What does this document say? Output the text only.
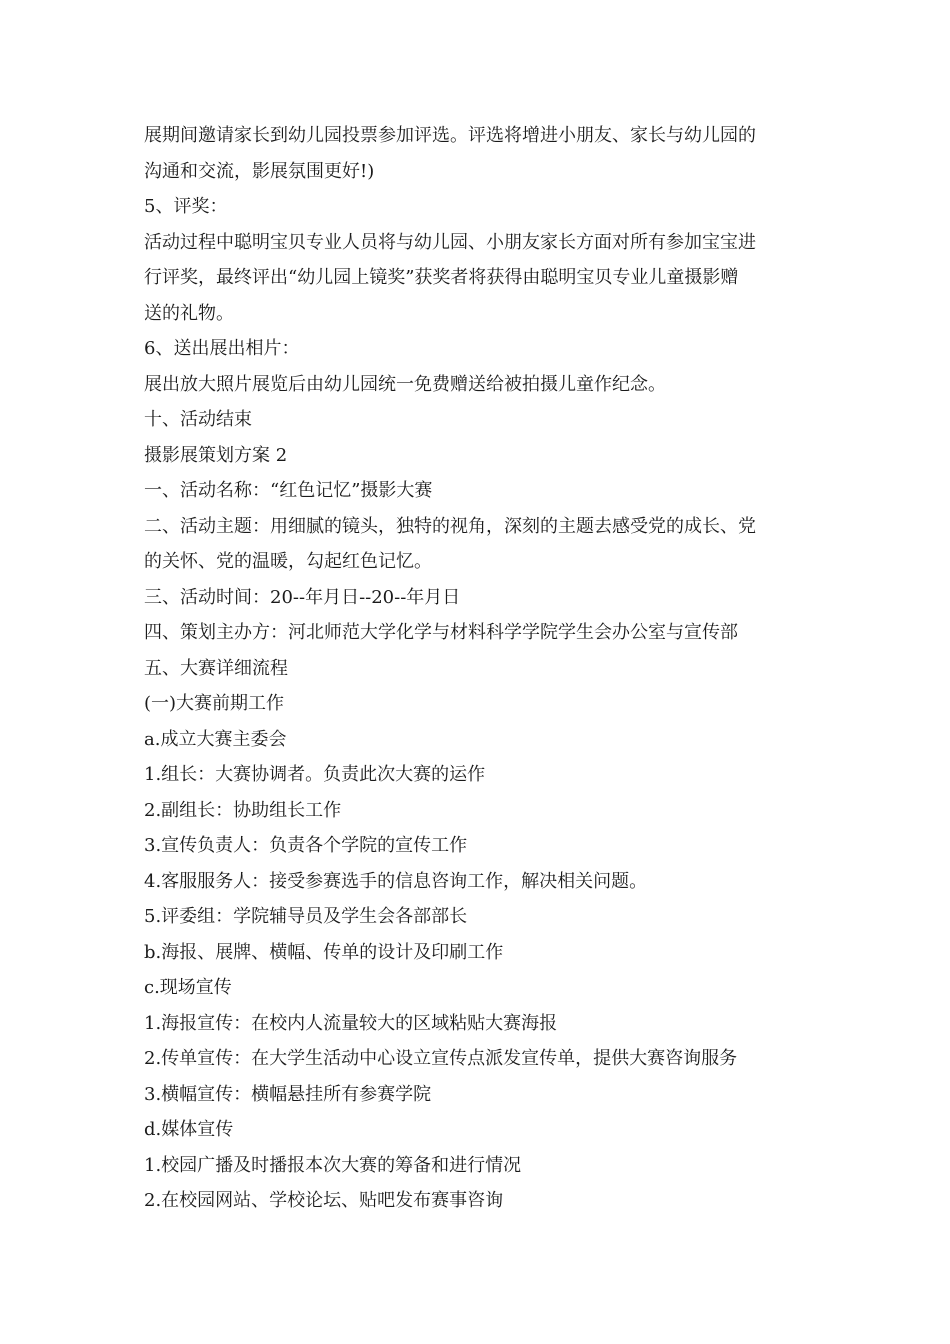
展期间邀请家长到幼儿园投票参加评选。评选将增进小朋友、家长与幼儿园的
沟通和交流，影展氛围更好!)
5、评奖：
活动过程中聪明宝贝专业人员将与幼儿园、小朋友家长方面对所有参加宝宝进
行评奖，最终评出“幼儿园上镜奖”获奖者将获得由聪明宝贝专业儿童摄影赠
送的礼物。
6、送出展出相片：
展出放大照片展览后由幼儿园统一免费赠送给被拍摄儿童作纪念。
十、活动结束
摄影展策划方案 2
一、活动名称：“红色记忆”摄影大赛
二、活动主题：用细腻的镜头，独特的视角，深刻的主题去感受党的成长、党
的关怀、党的温暖，勾起红色记忆。
三、活动时间：20--年月日--20--年月日
四、策划主办方：河北师范大学化学与材料科学学院学生会办公室与宣传部
五、大赛详细流程
(一)大赛前期工作
a.成立大赛主委会
1.组长：大赛协调者。负责此次大赛的运作
2.副组长：协助组长工作
3.宣传负责人：负责各个学院的宣传工作
4.客服服务人：接受参赛选手的信息咨询工作，解决相关问题。
5.评委组：学院辅导员及学生会各部部长
b.海报、展牌、横幅、传单的设计及印刷工作
c.现场宣传
1.海报宣传：在校内人流量较大的区域粘贴大赛海报
2.传单宣传：在大学生活动中心设立宣传点派发宣传单，提供大赛咨询服务
3.横幅宣传：横幅悬挂所有参赛学院
d.媒体宣传
1.校园广播及时播报本次大赛的筹备和进行情况
2.在校园网站、学校论坛、贴吧发布赛事咨询
